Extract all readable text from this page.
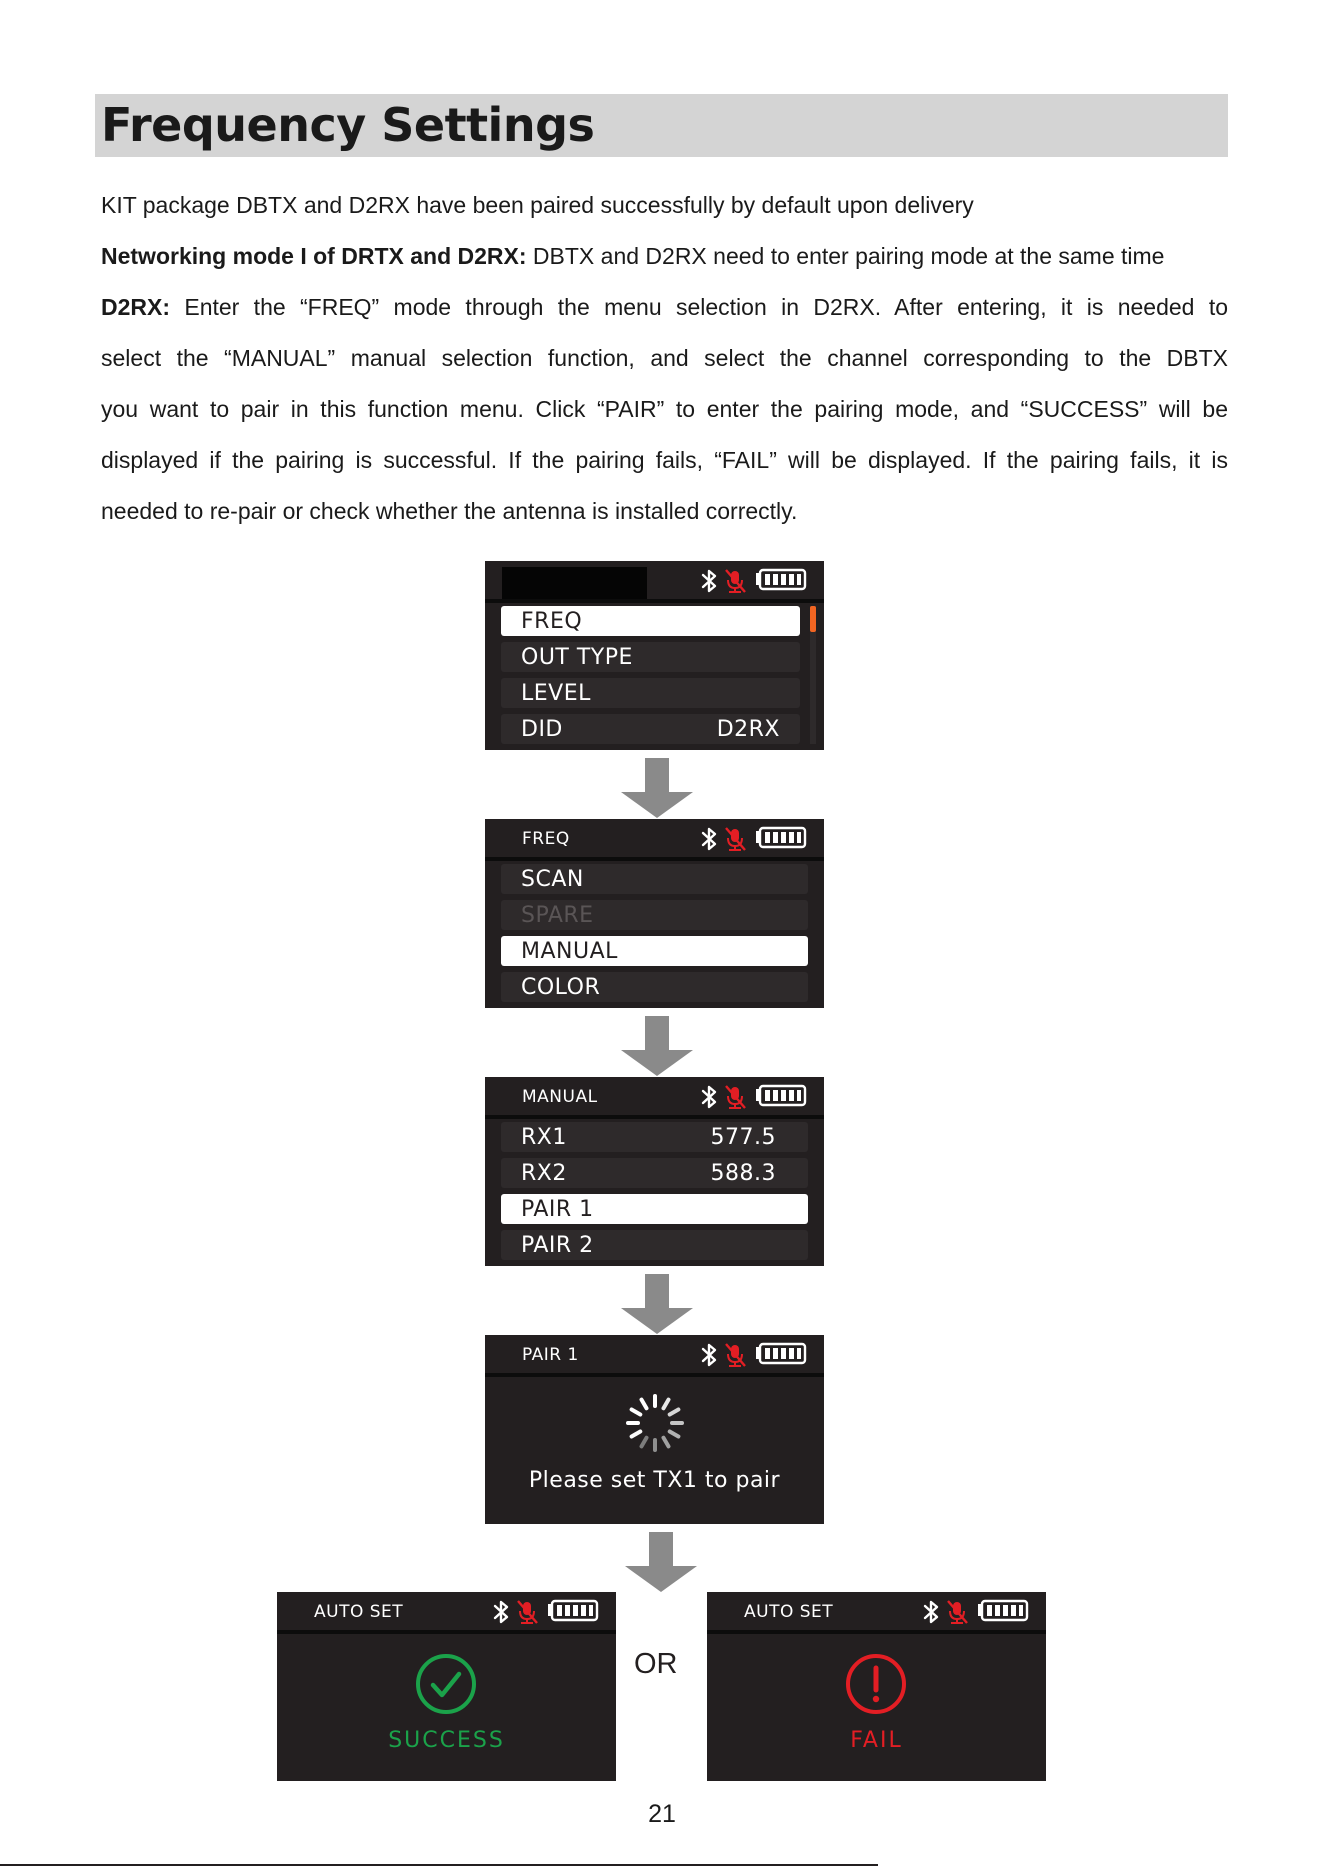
Frequency Settings
KIT package DBTX and D2RX have been paired successfully by default upon delivery
Networking mode I of DRTX and D2RX: DBTX and D2RX need to enter pairing mode at the same time
D2RX: Enter the “FREQ” mode through the menu selection in D2RX. After entering, it is needed to
select the “MANUAL” manual selection function, and select the channel corresponding to the DBTX
you want to pair in this function menu. Click “PAIR” to enter the pairing mode, and “SUCCESS” will be
displayed if the pairing is successful. If the pairing fails, “FAIL” will be displayed. If the pairing fails, it is
needed to re-pair or check whether the antenna is installed correctly.
FREQ
OUT TYPE
LEVEL
DID	D2RX
FREQ
SCAN
SPARE
MANUAL
COLOR
MANUAL
RX1	577.5
RX2	588.3
PAIR 1
PAIR 2
PAIR 1
Please set TX1 to pair
AUTO SET
SUCCESS
OR
AUTO SET
FAIL
21
